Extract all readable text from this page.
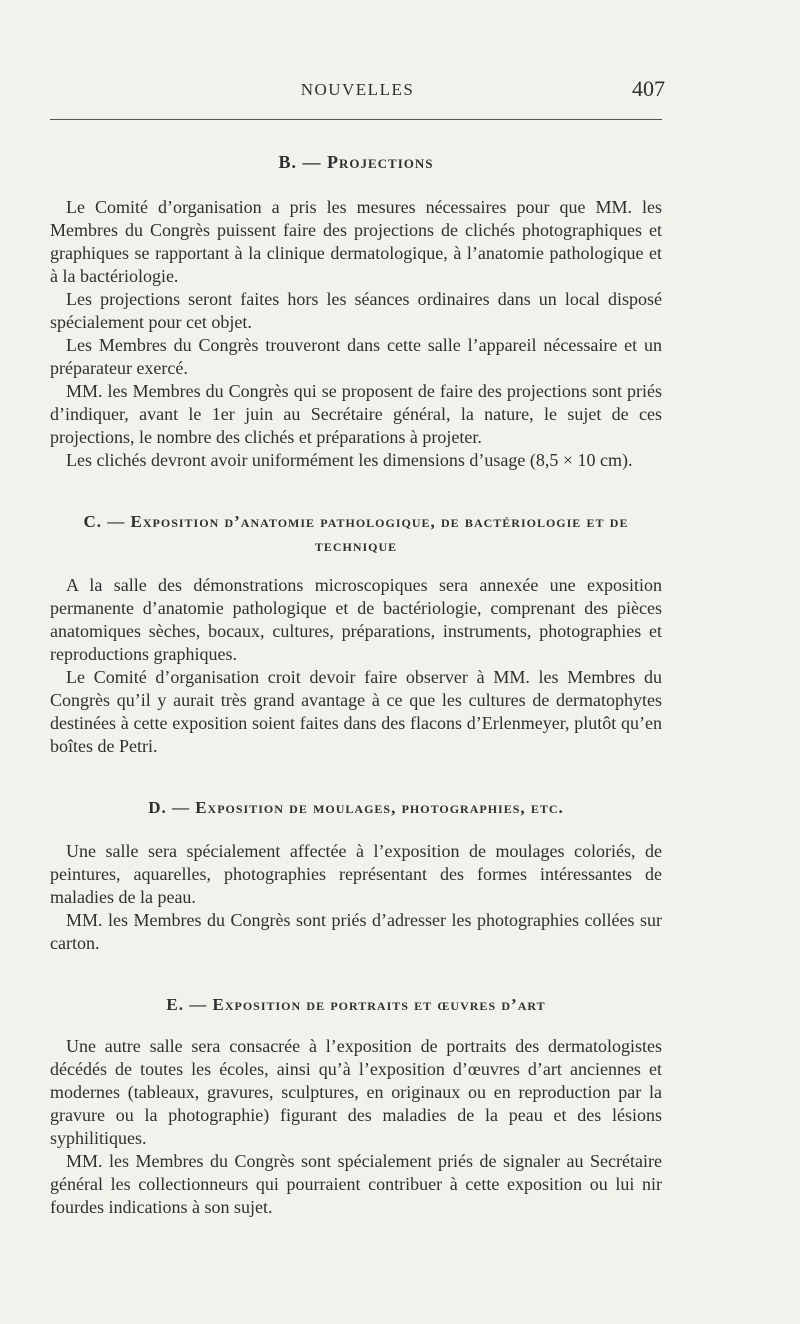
NOUVELLES	407
B. — Projections

Le Comité d’organisation a pris les mesures nécessaires pour que MM. les Membres du Congrès puissent faire des projections de clichés photographiques et graphiques se rapportant à la clinique dermatologique, à l’anatomie pathologique et à la bactériologie.

Les projections seront faites hors les séances ordinaires dans un local disposé spécialement pour cet objet.

Les Membres du Congrès trouveront dans cette salle l’appareil nécessaire et un préparateur exercé.

MM. les Membres du Congrès qui se proposent de faire des projections sont priés d’indiquer, avant le 1er juin au Secrétaire général, la nature, le sujet de ces projections, le nombre des clichés et préparations à projeter.

Les clichés devront avoir uniformément les dimensions d’usage (8,5 × 10 cm).

C. — Exposition d’anatomie pathologique, de bactériologie et de technique

A la salle des démonstrations microscopiques sera annexée une exposition permanente d’anatomie pathologique et de bactériologie, comprenant des pièces anatomiques sèches, bocaux, cultures, préparations, instruments, photographies et reproductions graphiques.

Le Comité d’organisation croit devoir faire observer à MM. les Membres du Congrès qu’il y aurait très grand avantage à ce que les cultures de dermatophytes destinées à cette exposition soient faites dans des flacons d’Erlenmeyer, plutôt qu’en boîtes de Petri.

D. — Exposition de moulages, photographies, etc.

Une salle sera spécialement affectée à l’exposition de moulages coloriés, de peintures, aquarelles, photographies représentant des formes intéressantes de maladies de la peau.

MM. les Membres du Congrès sont priés d’adresser les photographies collées sur carton.

E. — Exposition de portraits et œuvres d’art

Une autre salle sera consacrée à l’exposition de portraits des dermatologistes décédés de toutes les écoles, ainsi qu’à l’exposition d’œuvres d’art anciennes et modernes (tableaux, gravures, sculptures, en originaux ou en reproduction par la gravure ou la photographie) figurant des maladies de la peau et des lésions syphilitiques.

MM. les Membres du Congrès sont spécialement priés de signaler au Secrétaire général les collectionneurs qui pourraient contribuer à cette exposition ou lui nir fourdes indications à son sujet.
